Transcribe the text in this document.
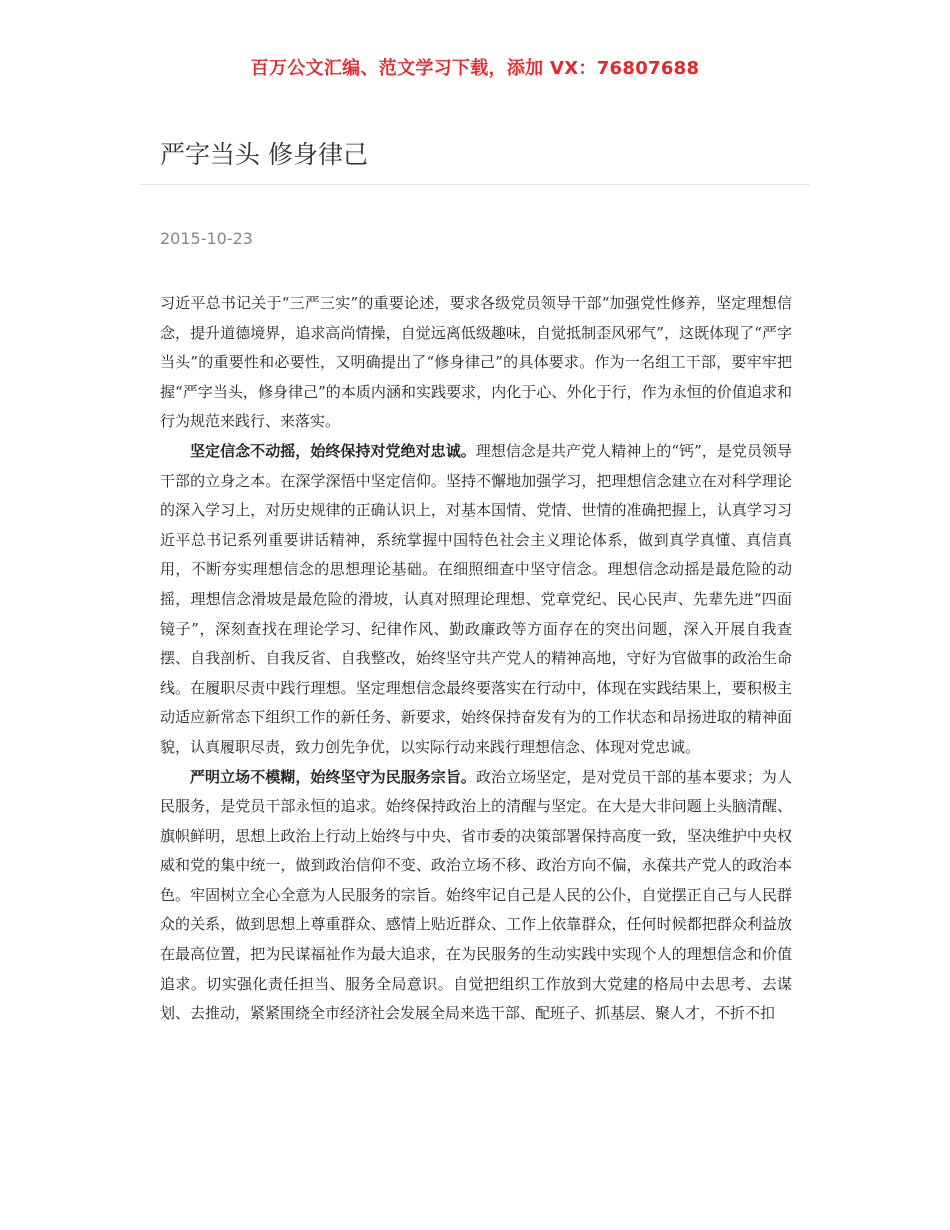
百万公文汇编、范文学习下载，添加 VX：76807688
严字当头 修身律己
2015-10-23

习近平总书记关于“三严三实”的重要论述，要求各级党员领导干部“加强党性修养，坚定理想信念，提升道德境界，追求高尚情操，自觉远离低级趣味，自觉抵制歪风邪气”，这既体现了“严字当头”的重要性和必要性，又明确提出了“修身律己”的具体要求。作为一名组工干部，要牢牢把握“严字当头，修身律己”的本质内涵和实践要求，内化于心、外化于行，作为永恒的价值追求和行为规范来践行、来落实。

坚定信念不动摇，始终保持对党绝对忠诚。理想信念是共产党人精神上的“钙”，是党员领导干部的立身之本。在深学深悟中坚定信仰。坚持不懈地加强学习，把理想信念建立在对科学理论的深入学习上，对历史规律的正确认识上，对基本国情、党情、世情的准确把握上，认真学习习近平总书记系列重要讲话精神，系统掌握中国特色社会主义理论体系，做到真学真懂、真信真用，不断夯实理想信念的思想理论基础。在细照细查中坚守信念。理想信念动摇是最危险的动摇，理想信念滑坡是最危险的滑坡，认真对照理论理想、党章党纪、民心民声、先辈先进“四面镜子”，深刻查找在理论学习、纪律作风、勤政廉政等方面存在的突出问题，深入开展自我查摆、自我剖析、自我反省、自我整改，始终坚守共产党人的精神高地，守好为官做事的政治生命线。在履职尽责中践行理想。坚定理想信念最终要落实在行动中，体现在实践结果上，要积极主动适应新常态下组织工作的新任务、新要求，始终保持奋发有为的工作状态和昂扬进取的精神面貌，认真履职尽责，致力创先争优，以实际行动来践行理想信念、体现对党忠诚。

严明立场不模糊，始终坚守为民服务宗旨。政治立场坚定，是对党员干部的基本要求；为人民服务，是党员干部永恒的追求。始终保持政治上的清醒与坚定。在大是大非问题上头脑清醒、旗帜鲜明，思想上政治上行动上始终与中央、省市委的决策部署保持高度一致，坚决维护中央权威和党的集中统一，做到政治信仰不变、政治立场不移、政治方向不偏，永葆共产党人的政治本色。牢固树立全心全意为人民服务的宗旨。始终牢记自己是人民的公仆，自觉摆正自己与人民群众的关系，做到思想上尊重群众、感情上贴近群众、工作上依靠群众，任何时候都把群众利益放在最高位置，把为民谋福祉作为最大追求，在为民服务的生动实践中实现个人的理想信念和价值追求。切实强化责任担当、服务全局意识。自觉把组织工作放到大党建的格局中去思考、去谋划、去推动，紧紧围绕全市经济社会发展全局来选干部、配班子、抓基层、聚人才，不折不扣
